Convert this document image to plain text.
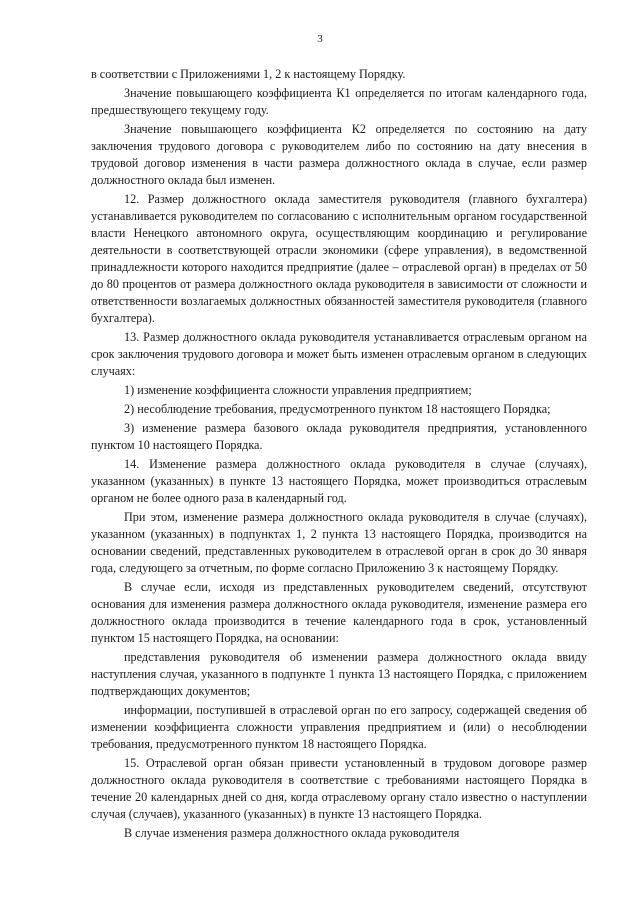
3

в соответствии с Приложениями 1, 2 к настоящему Порядку.

Значение повышающего коэффициента К1 определяется по итогам календарного года, предшествующего текущему году.

Значение повышающего коэффициента К2 определяется по состоянию на дату заключения трудового договора с руководителем либо по состоянию на дату внесения в трудовой договор изменения в части размера должностного оклада в случае, если размер должностного оклада был изменен.

12. Размер должностного оклада заместителя руководителя (главного бухгалтера) устанавливается руководителем по согласованию с исполнительным органом государственной власти Ненецкого автономного округа, осуществляющим координацию и регулирование деятельности в соответствующей отрасли экономики (сфере управления), в ведомственной принадлежности которого находится предприятие (далее – отраслевой орган) в пределах от 50 до 80 процентов от размера должностного оклада руководителя в зависимости от сложности и ответственности возлагаемых должностных обязанностей заместителя руководителя (главного бухгалтера).

13. Размер должностного оклада руководителя устанавливается отраслевым органом на срок заключения трудового договора и может быть изменен отраслевым органом в следующих случаях:

1) изменение коэффициента сложности управления предприятием;

2) несоблюдение требования, предусмотренного пунктом 18 настоящего Порядка;

3) изменение размера базового оклада руководителя предприятия, установленного пунктом 10 настоящего Порядка.

14. Изменение размера должностного оклада руководителя в случае (случаях), указанном (указанных) в пункте 13 настоящего Порядка, может производиться отраслевым органом не более одного раза в календарный год.

При этом, изменение размера должностного оклада руководителя в случае (случаях), указанном (указанных) в подпунктах 1, 2 пункта 13 настоящего Порядка, производится на основании сведений, представленных руководителем в отраслевой орган в срок до 30 января года, следующего за отчетным, по форме согласно Приложению 3 к настоящему Порядку.

В случае если, исходя из представленных руководителем сведений, отсутствуют основания для изменения размера должностного оклада руководителя, изменение размера его должностного оклада производится в течение календарного года в срок, установленный пунктом 15 настоящего Порядка, на основании:

представления руководителя об изменении размера должностного оклада ввиду наступления случая, указанного в подпункте 1 пункта 13 настоящего Порядка, с приложением подтверждающих документов;

информации, поступившей в отраслевой орган по его запросу, содержащей сведения об изменении коэффициента сложности управления предприятием и (или) о несоблюдении требования, предусмотренного пунктом 18 настоящего Порядка.

15. Отраслевой орган обязан привести установленный в трудовом договоре размер должностного оклада руководителя в соответствие с требованиями настоящего Порядка в течение 20 календарных дней со дня, когда отраслевому органу стало известно о наступлении случая (случаев), указанного (указанных) в пункте 13 настоящего Порядка.

В случае изменения размера должностного оклада руководителя
